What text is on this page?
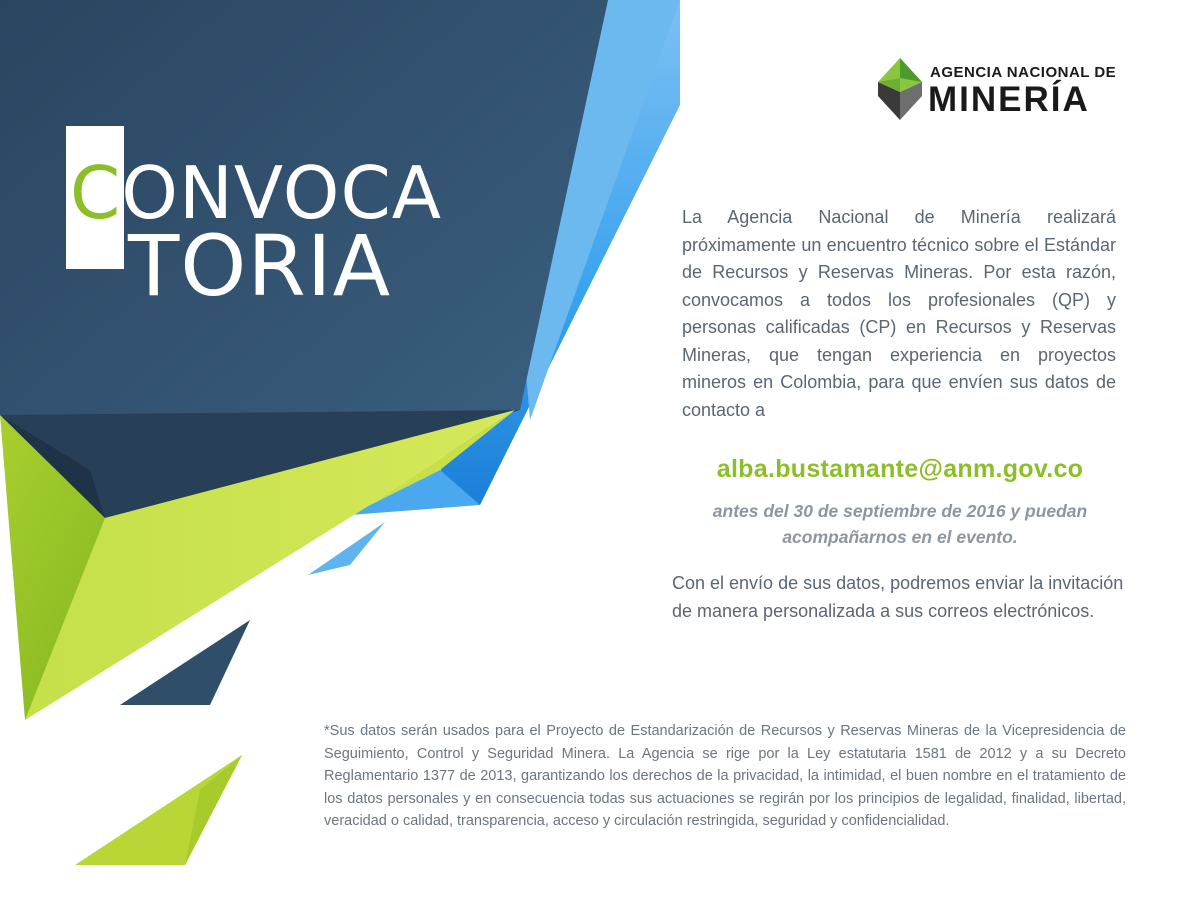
CONVOCA
TORIA
AGENCIA NACIONAL DE
MINERÍA

La Agencia Nacional de Minería realizará próximamente un encuentro técnico sobre el Estándar de Recursos y Reservas Mineras. Por esta razón, convocamos a todos los profesionales (QP) y personas calificadas (CP) en Recursos y Reservas Mineras, que tengan experiencia en proyectos mineros en Colombia, para que envíen sus datos de contacto a

alba.bustamante@anm.gov.co

antes del 30 de septiembre de 2016 y puedan acompañarnos en el evento.

Con el envío de sus datos, podremos enviar la invitación de manera personalizada a sus correos electrónicos.

*Sus datos serán usados para el Proyecto de Estandarización de Recursos y Reservas Mineras de la Vicepresidencia de Seguimiento, Control y Seguridad Minera. La Agencia se rige por la Ley estatutaria 1581 de 2012 y a su Decreto Reglamentario 1377 de 2013, garantizando los derechos de la privacidad, la intimidad, el buen nombre en el tratamiento de los datos personales y en consecuencia todas sus actuaciones se regirán por los principios de legalidad, finalidad, libertad, veracidad o calidad, transparencia, acceso y circulación restringida, seguridad y confidencialidad.
